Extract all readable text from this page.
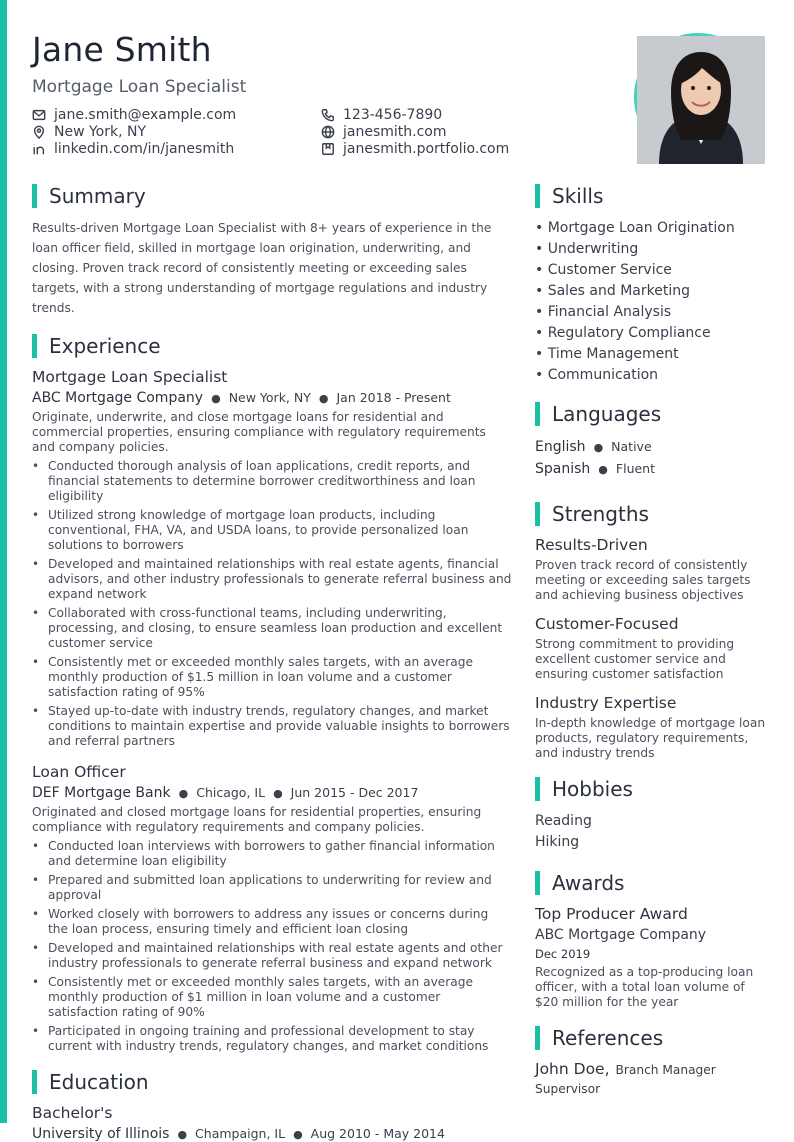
Jane Smith
Mortgage Loan Specialist
jane.smith@example.com	123-456-7890
New York, NY	janesmith.com
linkedin.com/in/janesmith	janesmith.portfolio.com
Summary
Results-driven Mortgage Loan Specialist with 8+ years of experience in the loan officer field, skilled in mortgage loan origination, underwriting, and closing. Proven track record of consistently meeting or exceeding sales targets, with a strong understanding of mortgage regulations and industry trends.
Experience
Mortgage Loan Specialist
ABC Mortgage Company ● New York, NY ● Jan 2018 - Present
Originate, underwrite, and close mortgage loans for residential and commercial properties, ensuring compliance with regulatory requirements and company policies.
• Conducted thorough analysis of loan applications, credit reports, and financial statements to determine borrower creditworthiness and loan eligibility
• Utilized strong knowledge of mortgage loan products, including conventional, FHA, VA, and USDA loans, to provide personalized loan solutions to borrowers
• Developed and maintained relationships with real estate agents, financial advisors, and other industry professionals to generate referral business and expand network
• Collaborated with cross-functional teams, including underwriting, processing, and closing, to ensure seamless loan production and excellent customer service
• Consistently met or exceeded monthly sales targets, with an average monthly production of $1.5 million in loan volume and a customer satisfaction rating of 95%
• Stayed up-to-date with industry trends, regulatory changes, and market conditions to maintain expertise and provide valuable insights to borrowers and referral partners
Loan Officer
DEF Mortgage Bank ● Chicago, IL ● Jun 2015 - Dec 2017
Originated and closed mortgage loans for residential properties, ensuring compliance with regulatory requirements and company policies.
• Conducted loan interviews with borrowers to gather financial information and determine loan eligibility
• Prepared and submitted loan applications to underwriting for review and approval
• Worked closely with borrowers to address any issues or concerns during the loan process, ensuring timely and efficient loan closing
• Developed and maintained relationships with real estate agents and other industry professionals to generate referral business and expand network
• Consistently met or exceeded monthly sales targets, with an average monthly production of $1 million in loan volume and a customer satisfaction rating of 90%
• Participated in ongoing training and professional development to stay current with industry trends, regulatory changes, and market conditions
Education
Bachelor's
University of Illinois ● Champaign, IL ● Aug 2010 - May 2014
Skills
• Mortgage Loan Origination
• Underwriting
• Customer Service
• Sales and Marketing
• Financial Analysis
• Regulatory Compliance
• Time Management
• Communication
Languages
English ● Native
Spanish ● Fluent
Strengths
Results-Driven
Proven track record of consistently meeting or exceeding sales targets and achieving business objectives
Customer-Focused
Strong commitment to providing excellent customer service and ensuring customer satisfaction
Industry Expertise
In-depth knowledge of mortgage loan products, regulatory requirements, and industry trends
Hobbies
Reading
Hiking
Awards
Top Producer Award
ABC Mortgage Company
Dec 2019
Recognized as a top-producing loan officer, with a total loan volume of $20 million for the year
References
John Doe, Branch Manager
Supervisor
